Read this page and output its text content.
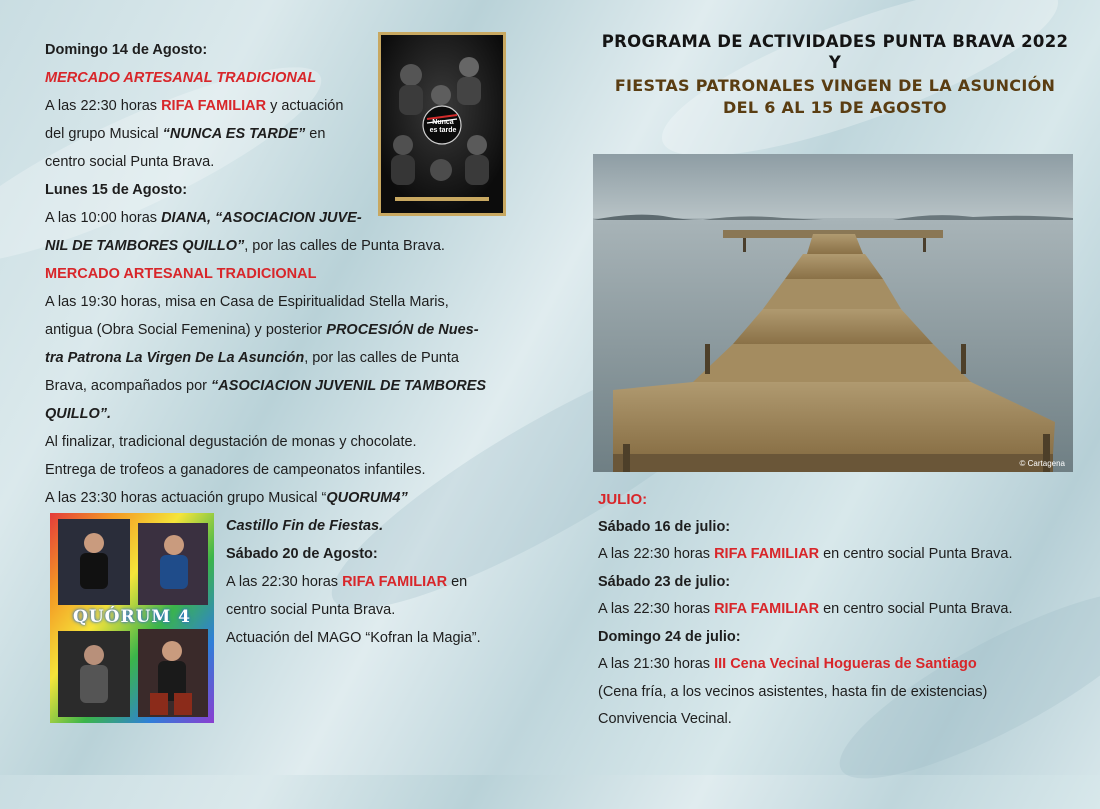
Domingo 14 de Agosto:
MERCADO ARTESANAL TRADICIONAL
A las 22:30 horas RIFA FAMILIAR y actuación
del grupo Musical “NUNCA ES TARDE” en
centro social Punta Brava.
Lunes 15 de Agosto:
A las 10:00 horas DIANA, “ASOCIACION JUVE-
NIL DE TAMBORES QUILLO”, por las calles de Punta Brava.
MERCADO ARTESANAL TRADICIONAL
A las 19:30 horas, misa en Casa de Espiritualidad Stella Maris,
antigua (Obra Social Femenina) y posterior PROCESIÓN de Nues-
tra Patrona La Virgen De La Asunción, por las calles de Punta
Brava, acompañados por “ASOCIACION JUVENIL DE TAMBORES
QUILLO”.
Al finalizar, tradicional degustación de monas y chocolate.
Entrega de trofeos a ganadores de campeonatos infantiles.
A las 23:30 horas actuación grupo Musical “QUORUM4”
Castillo Fin de Fiestas.
Sábado 20 de Agosto:
A las 22:30 horas RIFA FAMILIAR en
centro social Punta Brava.
Actuación del MAGO “Kofran la Magia”.
Nunca
es tarde
QUÓRUM 4
PROGRAMA DE ACTIVIDADES PUNTA BRAVA 2022
Y
FIESTAS PATRONALES VINGEN DE LA ASUNCIÓN
DEL 6 AL 15 DE AGOSTO
© Cartagena
JULIO:
Sábado 16 de julio:
A las 22:30 horas RIFA FAMILIAR en centro social Punta Brava.
Sábado 23 de julio:
A las 22:30 horas RIFA FAMILIAR en centro social Punta Brava.
Domingo 24 de julio:
A las 21:30 horas III Cena Vecinal Hogueras de Santiago
(Cena fría, a los vecinos asistentes, hasta fin de existencias)
Convivencia Vecinal.
